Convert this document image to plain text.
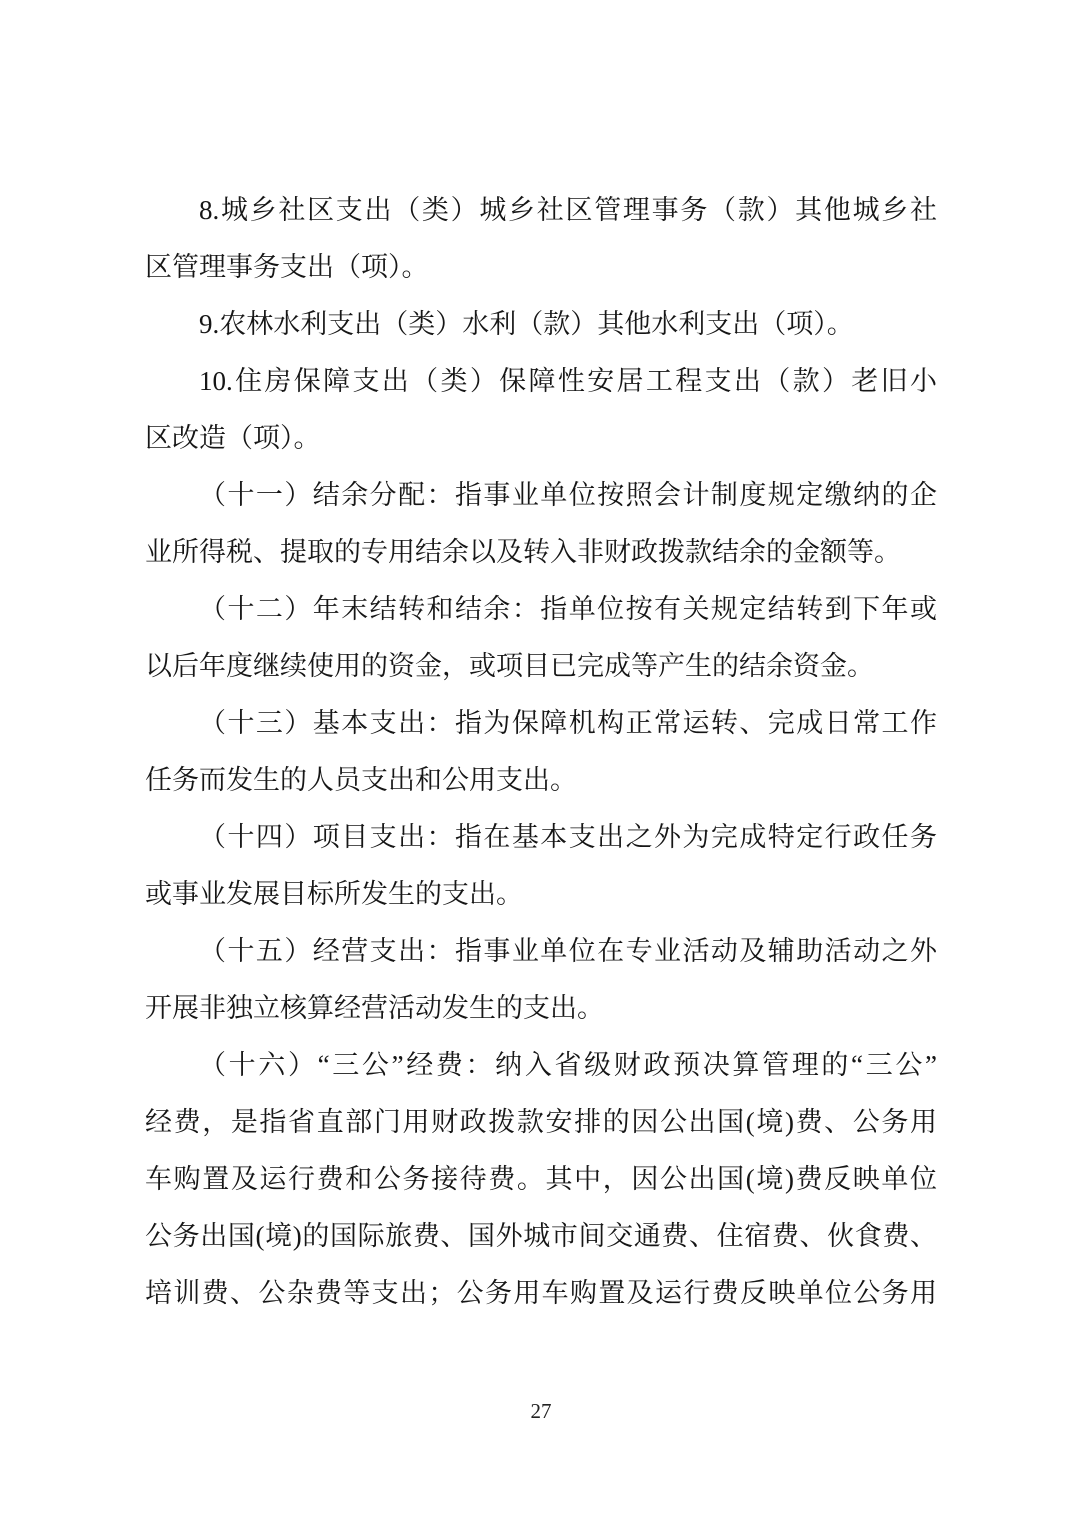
8.城乡社区支出（类）城乡社区管理事务（款）其他城乡社
区管理事务支出（项）。
9.农林水利支出（类）水利（款）其他水利支出（项）。
10.住房保障支出（类）保障性安居工程支出（款）老旧小
区改造（项）。
（十一）结余分配：指事业单位按照会计制度规定缴纳的企
业所得税、提取的专用结余以及转入非财政拨款结余的金额等。
（十二）年末结转和结余：指单位按有关规定结转到下年或
以后年度继续使用的资金，或项目已完成等产生的结余资金。
（十三）基本支出：指为保障机构正常运转、完成日常工作
任务而发生的人员支出和公用支出。
（十四）项目支出：指在基本支出之外为完成特定行政任务
或事业发展目标所发生的支出。
（十五）经营支出：指事业单位在专业活动及辅助活动之外
开展非独立核算经营活动发生的支出。
（十六）“三公”经费：纳入省级财政预决算管理的“三公”
经费，是指省直部门用财政拨款安排的因公出国(境)费、公务用
车购置及运行费和公务接待费。其中，因公出国(境)费反映单位
公务出国(境)的国际旅费、国外城市间交通费、住宿费、伙食费、
培训费、公杂费等支出；公务用车购置及运行费反映单位公务用
27
